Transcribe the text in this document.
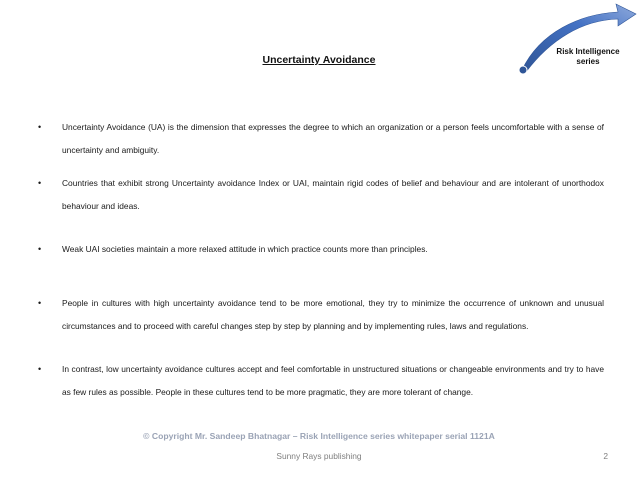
Risk Intelligence
series
Uncertainty Avoidance
• Uncertainty Avoidance (UA) is the dimension that expresses the degree to which an organization or a person feels uncomfortable with a sense of uncertainty and ambiguity.
• Countries that exhibit strong Uncertainty avoidance Index or UAI, maintain rigid codes of belief and behaviour and are intolerant of unorthodox behaviour and ideas.
• Weak UAI societies maintain a more relaxed attitude in which practice counts more than principles.
• People in cultures with high uncertainty avoidance tend to be more emotional, they try to minimize the occurrence of unknown and unusual circumstances and to proceed with careful changes step by step by planning and by implementing rules, laws and regulations.
• In contrast, low uncertainty avoidance cultures accept and feel comfortable in unstructured situations or changeable environments and try to have as few rules as possible. People in these cultures tend to be more pragmatic, they are more tolerant of change.
© Copyright Mr. Sandeep Bhatnagar – Risk Intelligence series whitepaper serial 1121A
Sunny Rays publishing	2
